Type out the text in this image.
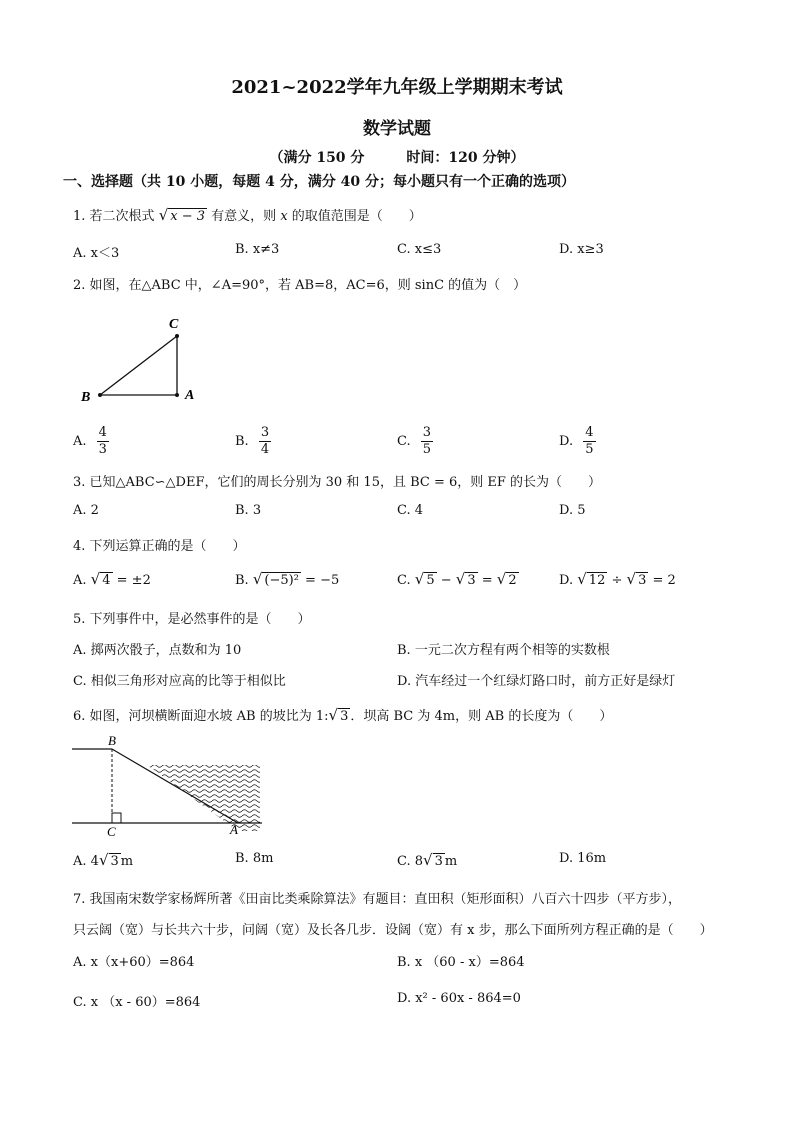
2021~2022学年九年级上学期期末考试
数学试题
（满分 150 分　　　时间：120 分钟）
一、选择题（共 10 小题，每题 4 分，满分 40 分；每小题只有一个正确的选项）
1. 若二次根式 √ x − 3 有意义，则 x 的取值范围是（　　）
A. x＜3	B. x≠3	C. x≤3	D. x≥3
2. 如图，在△ABC 中，∠A=90°，若 AB=8，AC=6，则 sinC 的值为（　）
C
B	A
A. $\frac{4}{3}$	B. $\frac{3}{4}$	C. $\frac{3}{5}$	D. $\frac{4}{5}$
3. 已知△ABC∽△DEF，它们的周长分别为 30 和 15，且 BC = 6，则 EF 的长为（　　）
A. 2	B. 3	C. 4	D. 5
4. 下列运算正确的是（　　）
A. √ 4 = ±2	B. √ (−5)² = −5	C. √ 5 − √ 3 = √ 2	D. √ 12 ÷ √ 3 = 2
5. 下列事件中，是必然事件的是（　　）
A. 掷两次骰子，点数和为 10	B. 一元二次方程有两个相等的实数根
C. 相似三角形对应高的比等于相似比	D. 汽车经过一个红绿灯路口时，前方正好是绿灯
6. 如图，河坝横断面迎水坡 AB 的坡比为 1:√ 3 ．坝高 BC 为 4m，则 AB 的长度为（　　）
B
C	A
A. 4√ 3 m	B. 8m	C. 8√ 3 m	D. 16m
7. 我国南宋数学家杨辉所著《田亩比类乘除算法》有题目：直田积（矩形面积）八百六十四步（平方步），
只云阔（宽）与长共六十步，问阔（宽）及长各几步．设阔（宽）有 x 步，那么下面所列方程正确的是（　　）
A. x（x+60）=864	B. x （60 - x）=864
C. x （x - 60）=864	D. x² - 60x - 864=0
